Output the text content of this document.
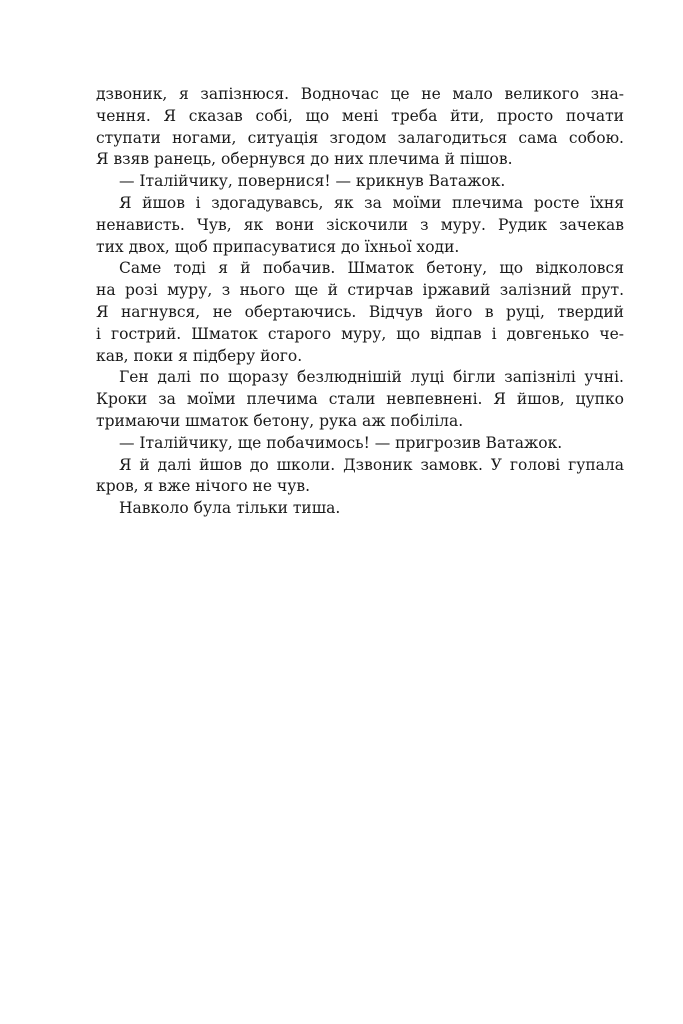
дзвоник, я запізнюся. Водночас це не мало великого зна-
чення. Я сказав собі, що мені треба йти, просто почати
ступати ногами, ситуація згодом залагодиться сама собою.
Я взяв ранець, обернувся до них плечима й пішов.
— Італійчику, повернися! — крикнув Ватажок.
Я йшов і здогадувавсь, як за моїми плечима росте їхня
ненависть. Чув, як вони зіскочили з муру. Рудик зачекав
тих двох, щоб припасуватися до їхньої ходи.
Саме тоді я й побачив. Шматок бетону, що відколовся
на розі муру, з нього ще й стирчав іржавий залізний прут.
Я нагнувся, не обертаючись. Відчув його в руці, твердий
і гострий. Шматок старого муру, що відпав і довгенько че-
кав, поки я підберу його.
Ген далі по щоразу безлюднішій луці бігли запізнілі учні.
Кроки за моїми плечима стали невпевнені. Я йшов, цупко
тримаючи шматок бетону, рука аж побіліла.
— Італійчику, ще побачимось! — пригрозив Ватажок.
Я й далі йшов до школи. Дзвоник замовк. У голові гупала
кров, я вже нічого не чув.
Навколо була тільки тиша.
